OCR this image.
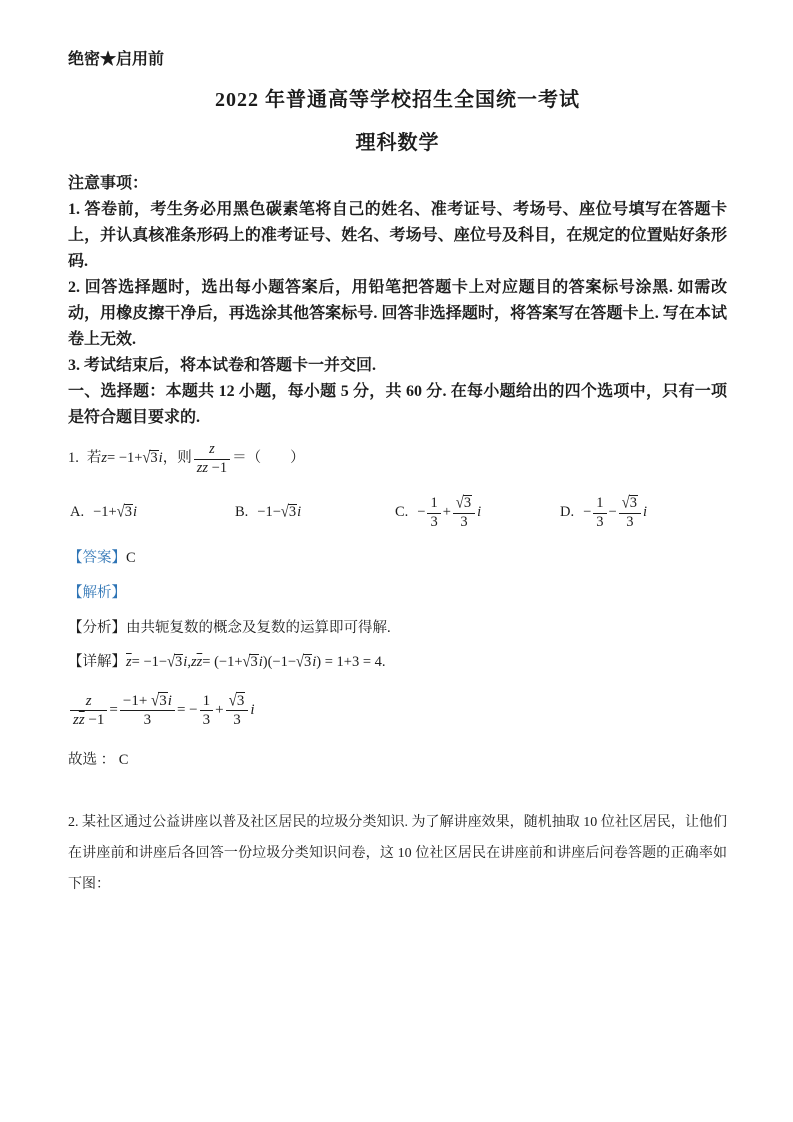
绝密★启用前
2022 年普通高等学校招生全国统一考试
理科数学
注意事项：

1. 答卷前，考生务必用黑色碳素笔将自己的姓名、准考证号、考场号、座位号填写在答题卡上，并认真核准条形码上的准考证号、姓名、考场号、座位号及科目，在规定的位置贴好条形码.

2. 回答选择题时，选出每小题答案后，用铅笔把答题卡上对应题目的答案标号涂黑. 如需改动，用橡皮擦干净后，再选涂其他答案标号. 回答非选择题时，将答案写在答题卡上. 写在本试卷上无效.

3. 考试结束后，将本试卷和答题卡一并交回.

一、选择题：本题共 12 小题，每小题 5 分，共 60 分. 在每小题给出的四个选项中，只有一项是符合题目要求的.

1. 若 z = −1+ √3 i ，则 $\frac{z}{z\overline{z} -1}$ ＝ （　　）
A. −1+ √3 i	B. −1− √3 i	C. − $\frac{1}{3} + \frac{√3}{3}$ i	D. − $\frac{1}{3} - \frac{√3}{3}$ i
【答案】C
【解析】
【分析】由共轭复数的概念及复数的运算即可得解.
【详解】 $\overline{z} = -1- √3$ i , z $\overline{z} = (-1+ √3$ i )(−1− √3 i ) = 1+3 = 4.
$\frac{z}{z\overline{z} -1} = \frac{-1+ √3i}{3}$ = − $\frac{1}{3} + \frac{√3}{3}$ i
故选 ： C

2. 某社区通过公益讲座以普及社区居民的垃圾分类知识. 为了解讲座效果，随机抽取 10 位社区居民，让他们在讲座前和讲座后各回答一份垃圾分类知识问卷，这 10 位社区居民在讲座前和讲座后问卷答题的正确率如下图：
